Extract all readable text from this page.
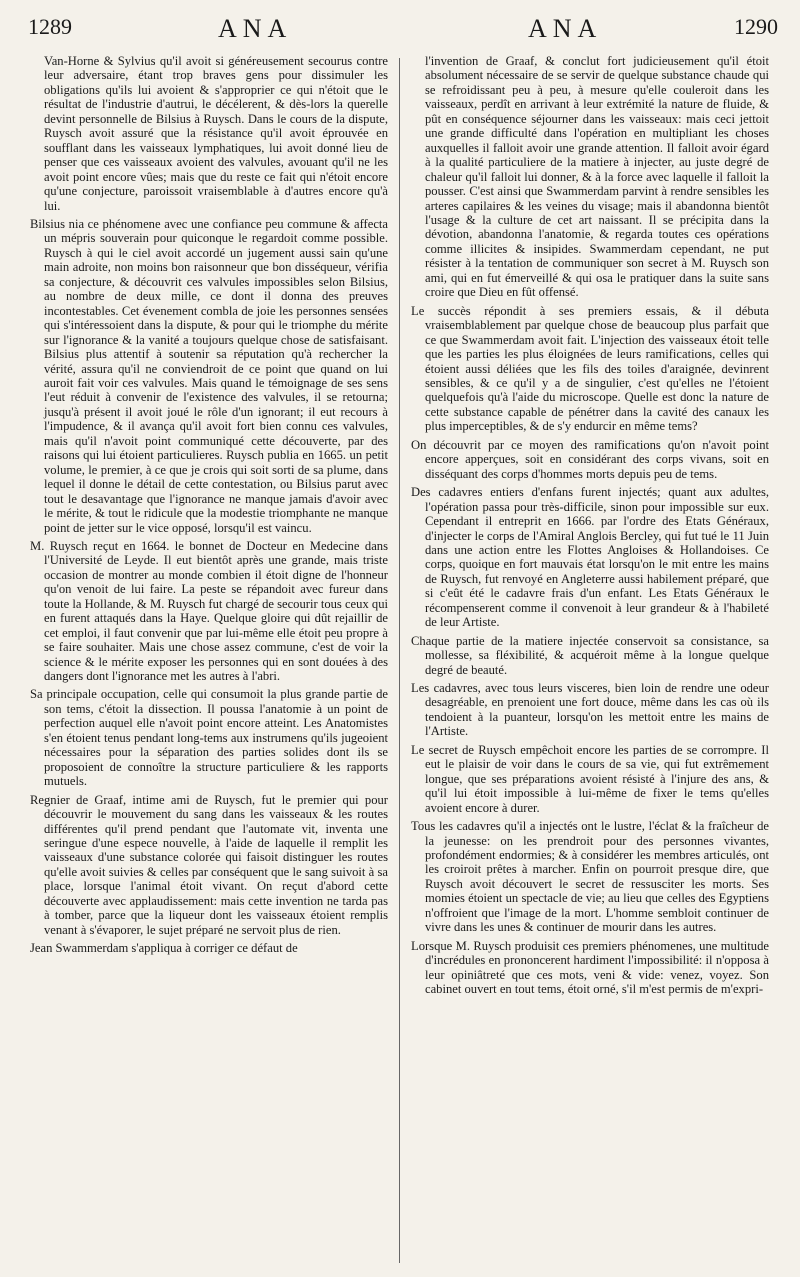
1289	ANA	ANA	1290

Van-Horne & Sylvius qu'il avoit si généreusement secourus contre leur adversaire, étant trop braves gens pour dissimuler les obligations qu'ils lui avoient & s'approprier ce qui n'étoit que le résultat de l'industrie d'autrui, le décélerent, & dès-lors la querelle devint personnelle de Bilsius à Ruysch. Dans le cours de la dispute, Ruysch avoit assuré que la résistance qu'il avoit éprouvée en soufflant dans les vaisseaux lymphatiques, lui avoit donné lieu de penser que ces vaisseaux avoient des valvules, avouant qu'il ne les avoit point encore vûes; mais que du reste ce fait qui n'étoit encore qu'une conjecture, paroissoit vraisemblable à d'autres encore qu'à lui.

Bilsius nia ce phénomene avec une confiance peu commune & affecta un mépris souverain pour quiconque le regardoit comme possible. Ruysch à qui le ciel avoit accordé un jugement aussi sain qu'une main adroite, non moins bon raisonneur que bon disséqueur, vérifia sa conjecture, & découvrit ces valvules impossibles selon Bilsius, au nombre de deux mille, ce dont il donna des preuves incontestables. Cet évenement combla de joie les personnes sensées qui s'intéressoient dans la dispute, & pour qui le triomphe du mérite sur l'ignorance & la vanité a toujours quelque chose de satisfaisant. Bilsius plus attentif à soutenir sa réputation qu'à rechercher la vérité, assura qu'il ne conviendroit de ce point que quand on lui auroit fait voir ces valvules. Mais quand le témoignage de ses sens l'eut réduit à convenir de l'existence des valvules, il se retourna; jusqu'à présent il avoit joué le rôle d'un ignorant; il eut recours à l'impudence, & il avança qu'il avoit fort bien connu ces valvules, mais qu'il n'avoit point communiqué cette découverte, par des raisons qui lui étoient particulieres. Ruysch publia en 1665. un petit volume, le premier, à ce que je crois qui soit sorti de sa plume, dans lequel il donne le détail de cette contestation, ou Bilsius parut avec tout le desavantage que l'ignorance ne manque jamais d'avoir avec le mérite, & tout le ridicule que la modestie triomphante ne manque point de jetter sur le vice opposé, lorsqu'il est vaincu.

M. Ruysch reçut en 1664. le bonnet de Docteur en Medecine dans l'Université de Leyde. Il eut bientôt après une grande, mais triste occasion de montrer au monde combien il étoit digne de l'honneur qu'on venoit de lui faire. La peste se répandoit avec fureur dans toute la Hollande, & M. Ruysch fut chargé de secourir tous ceux qui en furent attaqués dans la Haye. Quelque gloire qui dût rejaillir de cet emploi, il faut convenir que par lui-même elle étoit peu propre à se faire souhaiter. Mais une chose assez commune, c'est de voir la science & le mérite exposer les personnes qui en sont douées à des dangers dont l'ignorance met les autres à l'abri.

Sa principale occupation, celle qui consumoit la plus grande partie de son tems, c'étoit la dissection. Il poussa l'anatomie à un point de perfection auquel elle n'avoit point encore atteint. Les Anatomistes s'en étoient tenus pendant long-tems aux instrumens qu'ils jugeoient nécessaires pour la séparation des parties solides dont ils se proposoient de connoître la structure particuliere & les rapports mutuels.

Regnier de Graaf, intime ami de Ruysch, fut le premier qui pour découvrir le mouvement du sang dans les vaisseaux & les routes différentes qu'il prend pendant que l'automate vit, inventa une seringue d'une espece nouvelle, à l'aide de laquelle il remplit les vaisseaux d'une substance colorée qui faisoit distinguer les routes qu'elle avoit suivies & celles par conséquent que le sang suivoit à sa place, lorsque l'animal étoit vivant. On reçut d'abord cette découverte avec applaudissement: mais cette invention ne tarda pas à tomber, parce que la liqueur dont les vaisseaux étoient remplis venant à s'évaporer, le sujet préparé ne servoit plus de rien.

Jean Swammerdam s'appliqua à corriger ce défaut de

l'invention de Graaf, & conclut fort judicieusement qu'il étoit absolument nécessaire de se servir de quelque substance chaude qui se refroidissant peu à peu, à mesure qu'elle couleroit dans les vaisseaux, perdît en arrivant à leur extrémité la nature de fluide, & pût en conséquence séjourner dans les vaisseaux: mais ceci jettoit une grande difficulté dans l'opération en multipliant les choses auxquelles il falloit avoir une grande attention. Il falloit avoir égard à la qualité particuliere de la matiere à injecter, au juste degré de chaleur qu'il falloit lui donner, & à la force avec laquelle il falloit la pousser. C'est ainsi que Swammerdam parvint à rendre sensibles les arteres capilaires & les veines du visage; mais il abandonna bientôt l'usage & la culture de cet art naissant. Il se précipita dans la dévotion, abandonna l'anatomie, & regarda toutes ces opérations comme illicites & insipides. Swammerdam cependant, ne put résister à la tentation de communiquer son secret à M. Ruysch son ami, qui en fut émerveillé & qui osa le pratiquer dans la suite sans croire que Dieu en fût offensé.

Le succès répondit à ses premiers essais, & il débuta vraisemblablement par quelque chose de beaucoup plus parfait que ce que Swammerdam avoit fait. L'injection des vaisseaux étoit telle que les parties les plus éloignées de leurs ramifications, celles qui étoient aussi déliées que les fils des toiles d'araignée, devinrent sensibles, & ce qu'il y a de singulier, c'est qu'elles ne l'étoient quelquefois qu'à l'aide du microscope. Quelle est donc la nature de cette substance capable de pénétrer dans la cavité des canaux les plus imperceptibles, & de s'y endurcir en même tems?

On découvrit par ce moyen des ramifications qu'on n'avoit point encore apperçues, soit en considérant des corps vivans, soit en disséquant des corps d'hommes morts depuis peu de tems.

Des cadavres entiers d'enfans furent injectés; quant aux adultes, l'opération passa pour très-difficile, sinon pour impossible sur eux. Cependant il entreprit en 1666. par l'ordre des Etats Généraux, d'injecter le corps de l'Amiral Anglois Bercley, qui fut tué le 11 Juin dans une action entre les Flottes Angloises & Hollandoises. Ce corps, quoique en fort mauvais état lorsqu'on le mit entre les mains de Ruysch, fut renvoyé en Angleterre aussi habilement préparé, que si c'eût été le cadavre frais d'un enfant. Les Etats Généraux le récompenserent comme il convenoit à leur grandeur & à l'habileté de leur Artiste.

Chaque partie de la matiere injectée conservoit sa consistance, sa mollesse, sa fléxibilité, & acquéroit même à la longue quelque degré de beauté.

Les cadavres, avec tous leurs visceres, bien loin de rendre une odeur desagréable, en prenoient une fort douce, même dans les cas où ils tendoient à la puanteur, lorsqu'on les mettoit entre les mains de l'Artiste.

Le secret de Ruysch empêchoit encore les parties de se corrompre. Il eut le plaisir de voir dans le cours de sa vie, qui fut extrêmement longue, que ses préparations avoient résisté à l'injure des ans, & qu'il lui étoit impossible à lui-même de fixer le tems qu'elles avoient encore à durer.

Tous les cadavres qu'il a injectés ont le lustre, l'éclat & la fraîcheur de la jeunesse: on les prendroit pour des personnes vivantes, profondément endormies; & à considérer les membres articulés, ont les croiroit prêtes à marcher. Enfin on pourroit presque dire, que Ruysch avoit découvert le secret de ressusciter les morts. Ses momies étoient un spectacle de vie; au lieu que celles des Egyptiens n'offroient que l'image de la mort. L'homme sembloit continuer de vivre dans les unes & continuer de mourir dans les autres.

Lorsque M. Ruysch produisit ces premiers phénomenes, une multitude d'incrédules en prononcerent hardiment l'impossibilité: il n'opposa à leur opiniâtreté que ces mots, veni & vide: venez, voyez. Son cabinet ouvert en tout tems, étoit orné, s'il m'est permis de m'expri-
